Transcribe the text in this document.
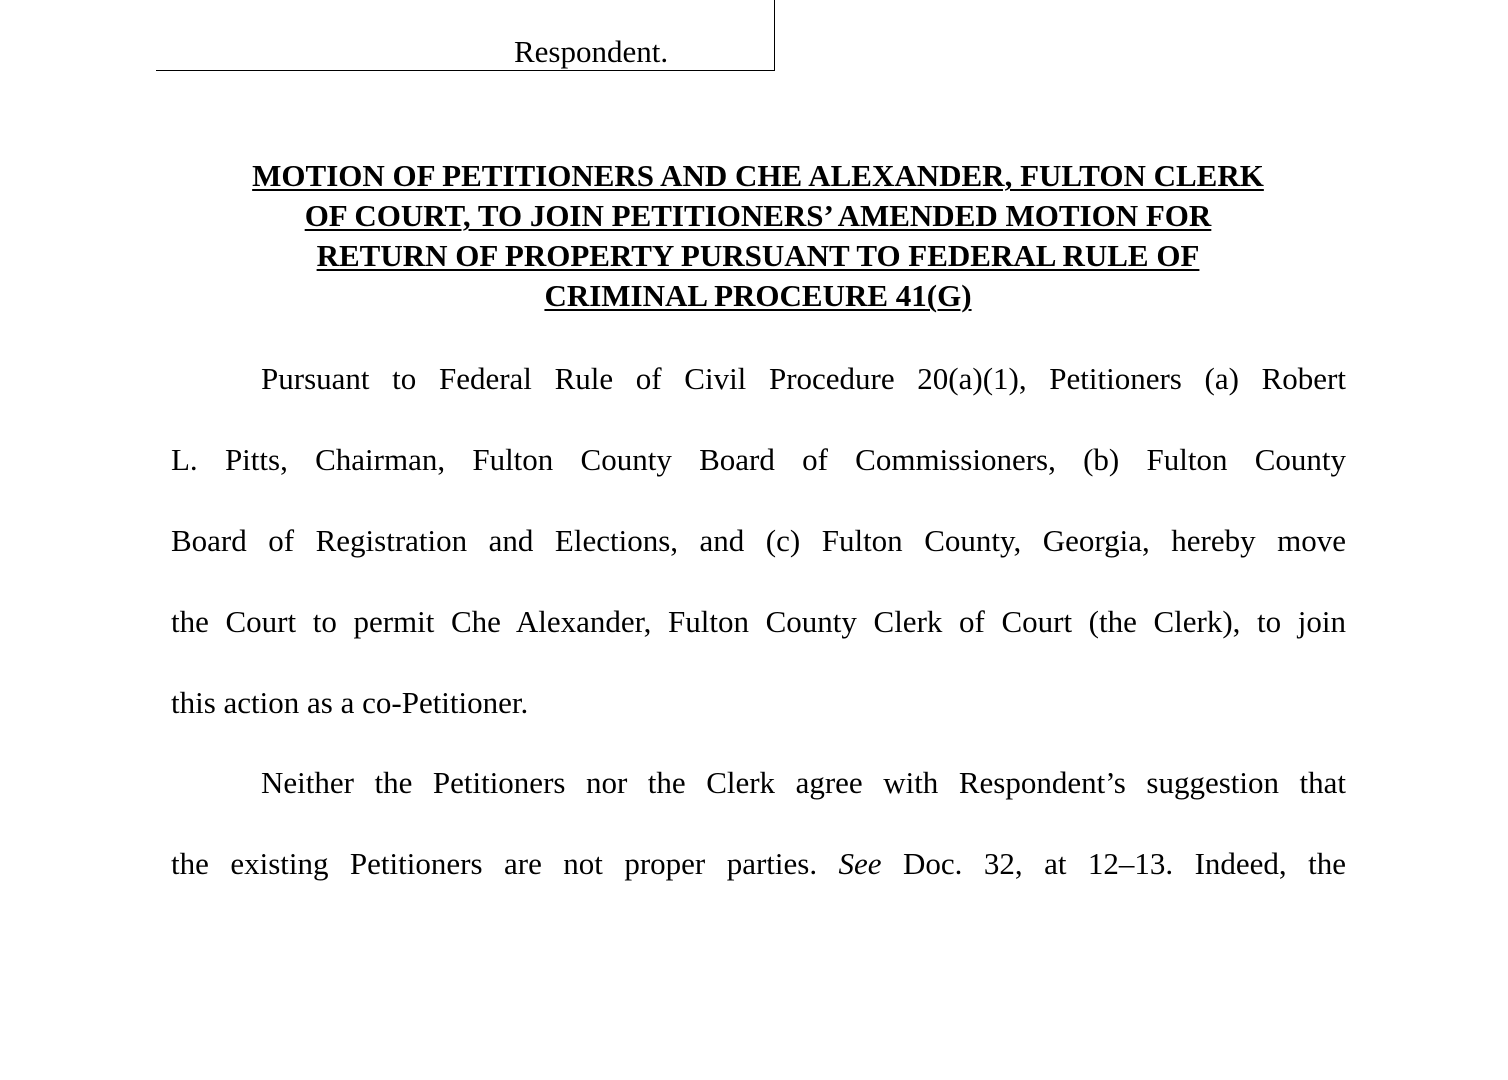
Respondent.
MOTION OF PETITIONERS AND CHE ALEXANDER, FULTON CLERK
OF COURT, TO JOIN PETITIONERS’ AMENDED MOTION FOR
RETURN OF PROPERTY PURSUANT TO FEDERAL RULE OF
CRIMINAL PROCEURE 41(G)
Pursuant to Federal Rule of Civil Procedure 20(a)(1), Petitioners (a) Robert
L. Pitts, Chairman, Fulton County Board of Commissioners, (b) Fulton County
Board of Registration and Elections, and (c) Fulton County, Georgia, hereby move
the Court to permit Che Alexander, Fulton County Clerk of Court (the Clerk), to join
this action as a co-Petitioner.
Neither the Petitioners nor the Clerk agree with Respondent’s suggestion that
the existing Petitioners are not proper parties. See Doc. 32, at 12–13. Indeed, the
